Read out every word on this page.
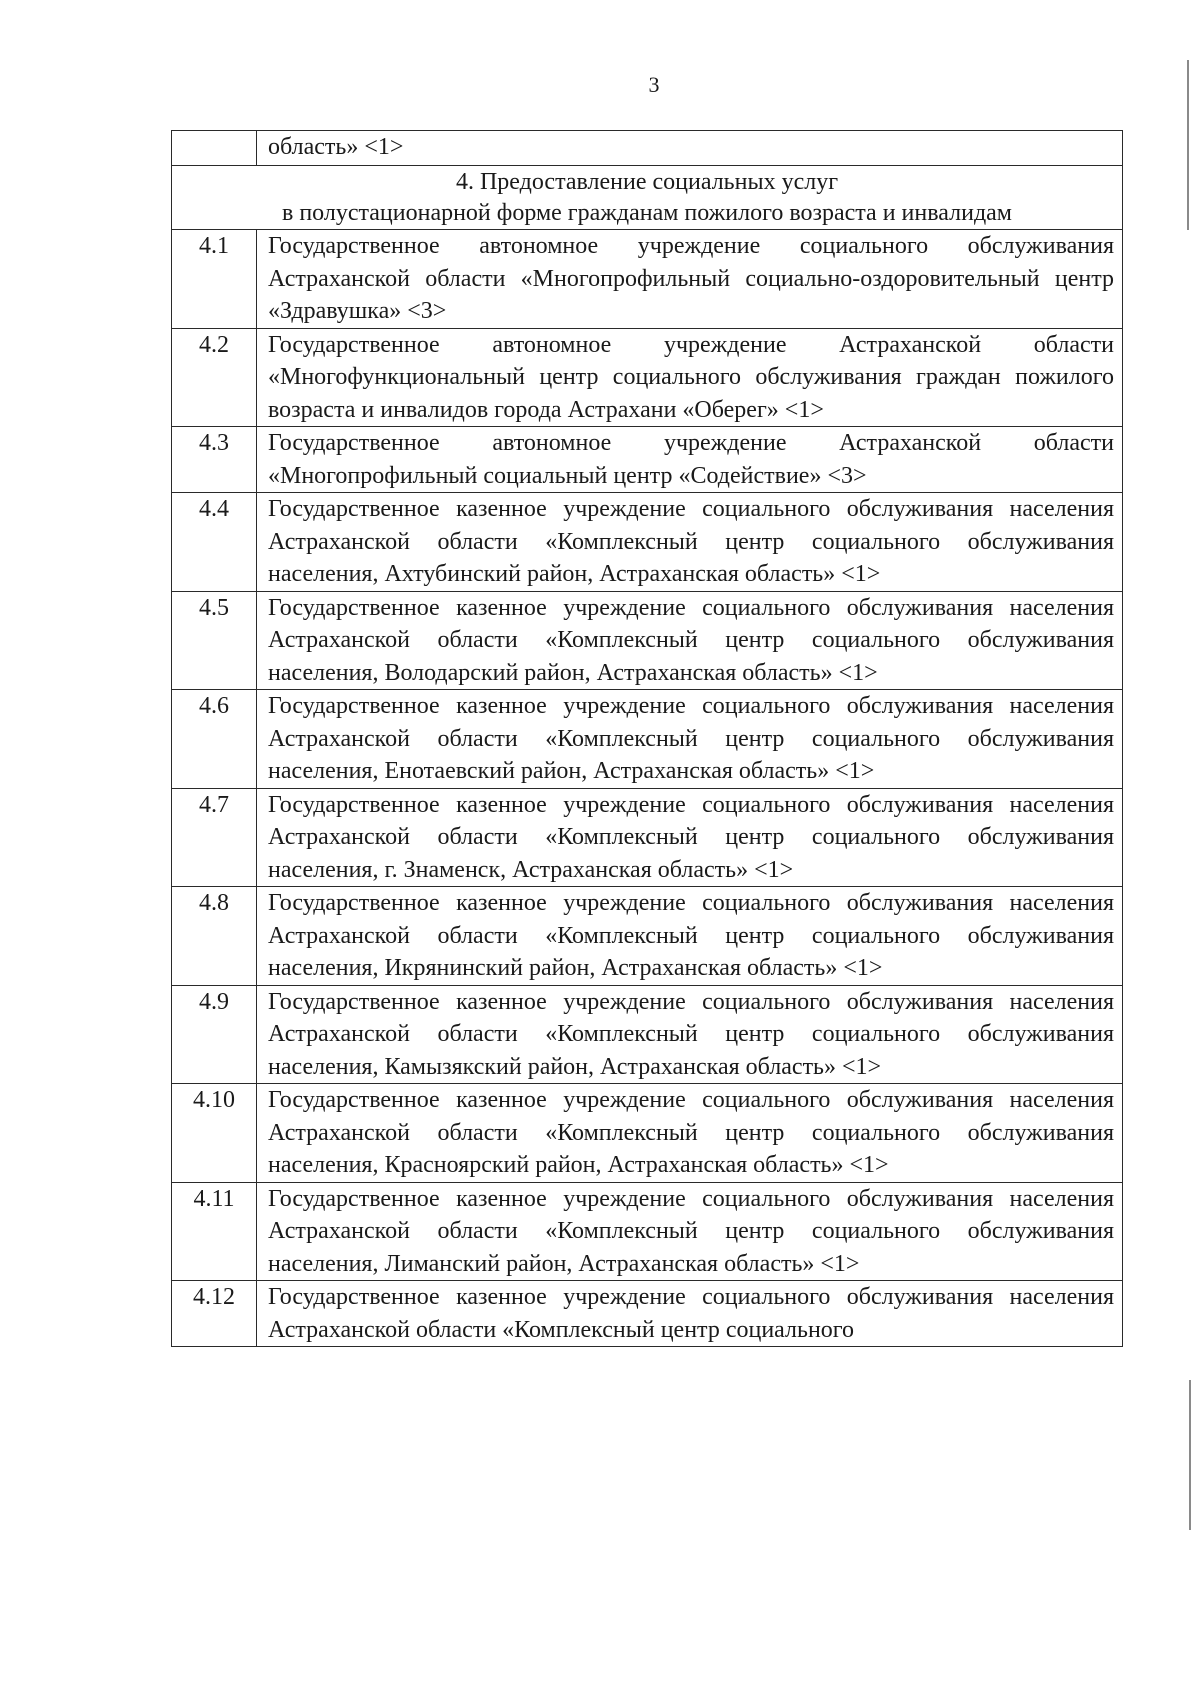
3
	область» <1>

4. Предоставление социальных услуг
в полустационарной форме гражданам пожилого возраста и инвалидам	

4.1	Государственное автономное учреждение социального обслуживания Астраханской области «Многопрофильный социально-оздоровительный центр «Здравушка» <3>
4.2	Государственное автономное учреждение Астраханской области «Многофункциональный центр социального обслуживания граждан пожилого возраста и инвалидов города Астрахани «Оберег» <1>
4.3	Государственное автономное учреждение Астраханской области «Многопрофильный социальный центр «Содействие» <3>
4.4	Государственное казенное учреждение социального обслуживания населения Астраханской области «Комплексный центр социального обслуживания населения, Ахтубинский район, Астраханская область» <1>
4.5	Государственное казенное учреждение социального обслуживания населения Астраханской области «Комплексный центр социального обслуживания населения, Володарский район, Астраханская область» <1>
4.6	Государственное казенное учреждение социального обслуживания населения Астраханской области «Комплексный центр социального обслуживания населения, Енотаевский район, Астраханская область» <1>
4.7	Государственное казенное учреждение социального обслуживания населения Астраханской области «Комплексный центр социального обслуживания населения, г. Знаменск, Астраханская область» <1>
4.8	Государственное казенное учреждение социального обслуживания населения Астраханской области «Комплексный центр социального обслуживания населения, Икрянинский район, Астраханская область» <1>
4.9	Государственное казенное учреждение социального обслуживания населения Астраханской области «Комплексный центр социального обслуживания населения, Камызякский район, Астраханская область» <1>
4.10	Государственное казенное учреждение социального обслуживания населения Астраханской области «Комплексный центр социального обслуживания населения, Красноярский район, Астраханская область» <1>
4.11	Государственное казенное учреждение социального обслуживания населения Астраханской области «Комплексный центр социального обслуживания населения, Лиманский район, Астраханская область» <1>
4.12	Государственное казенное учреждение социального обслуживания населения Астраханской области «Комплексный центр социального
